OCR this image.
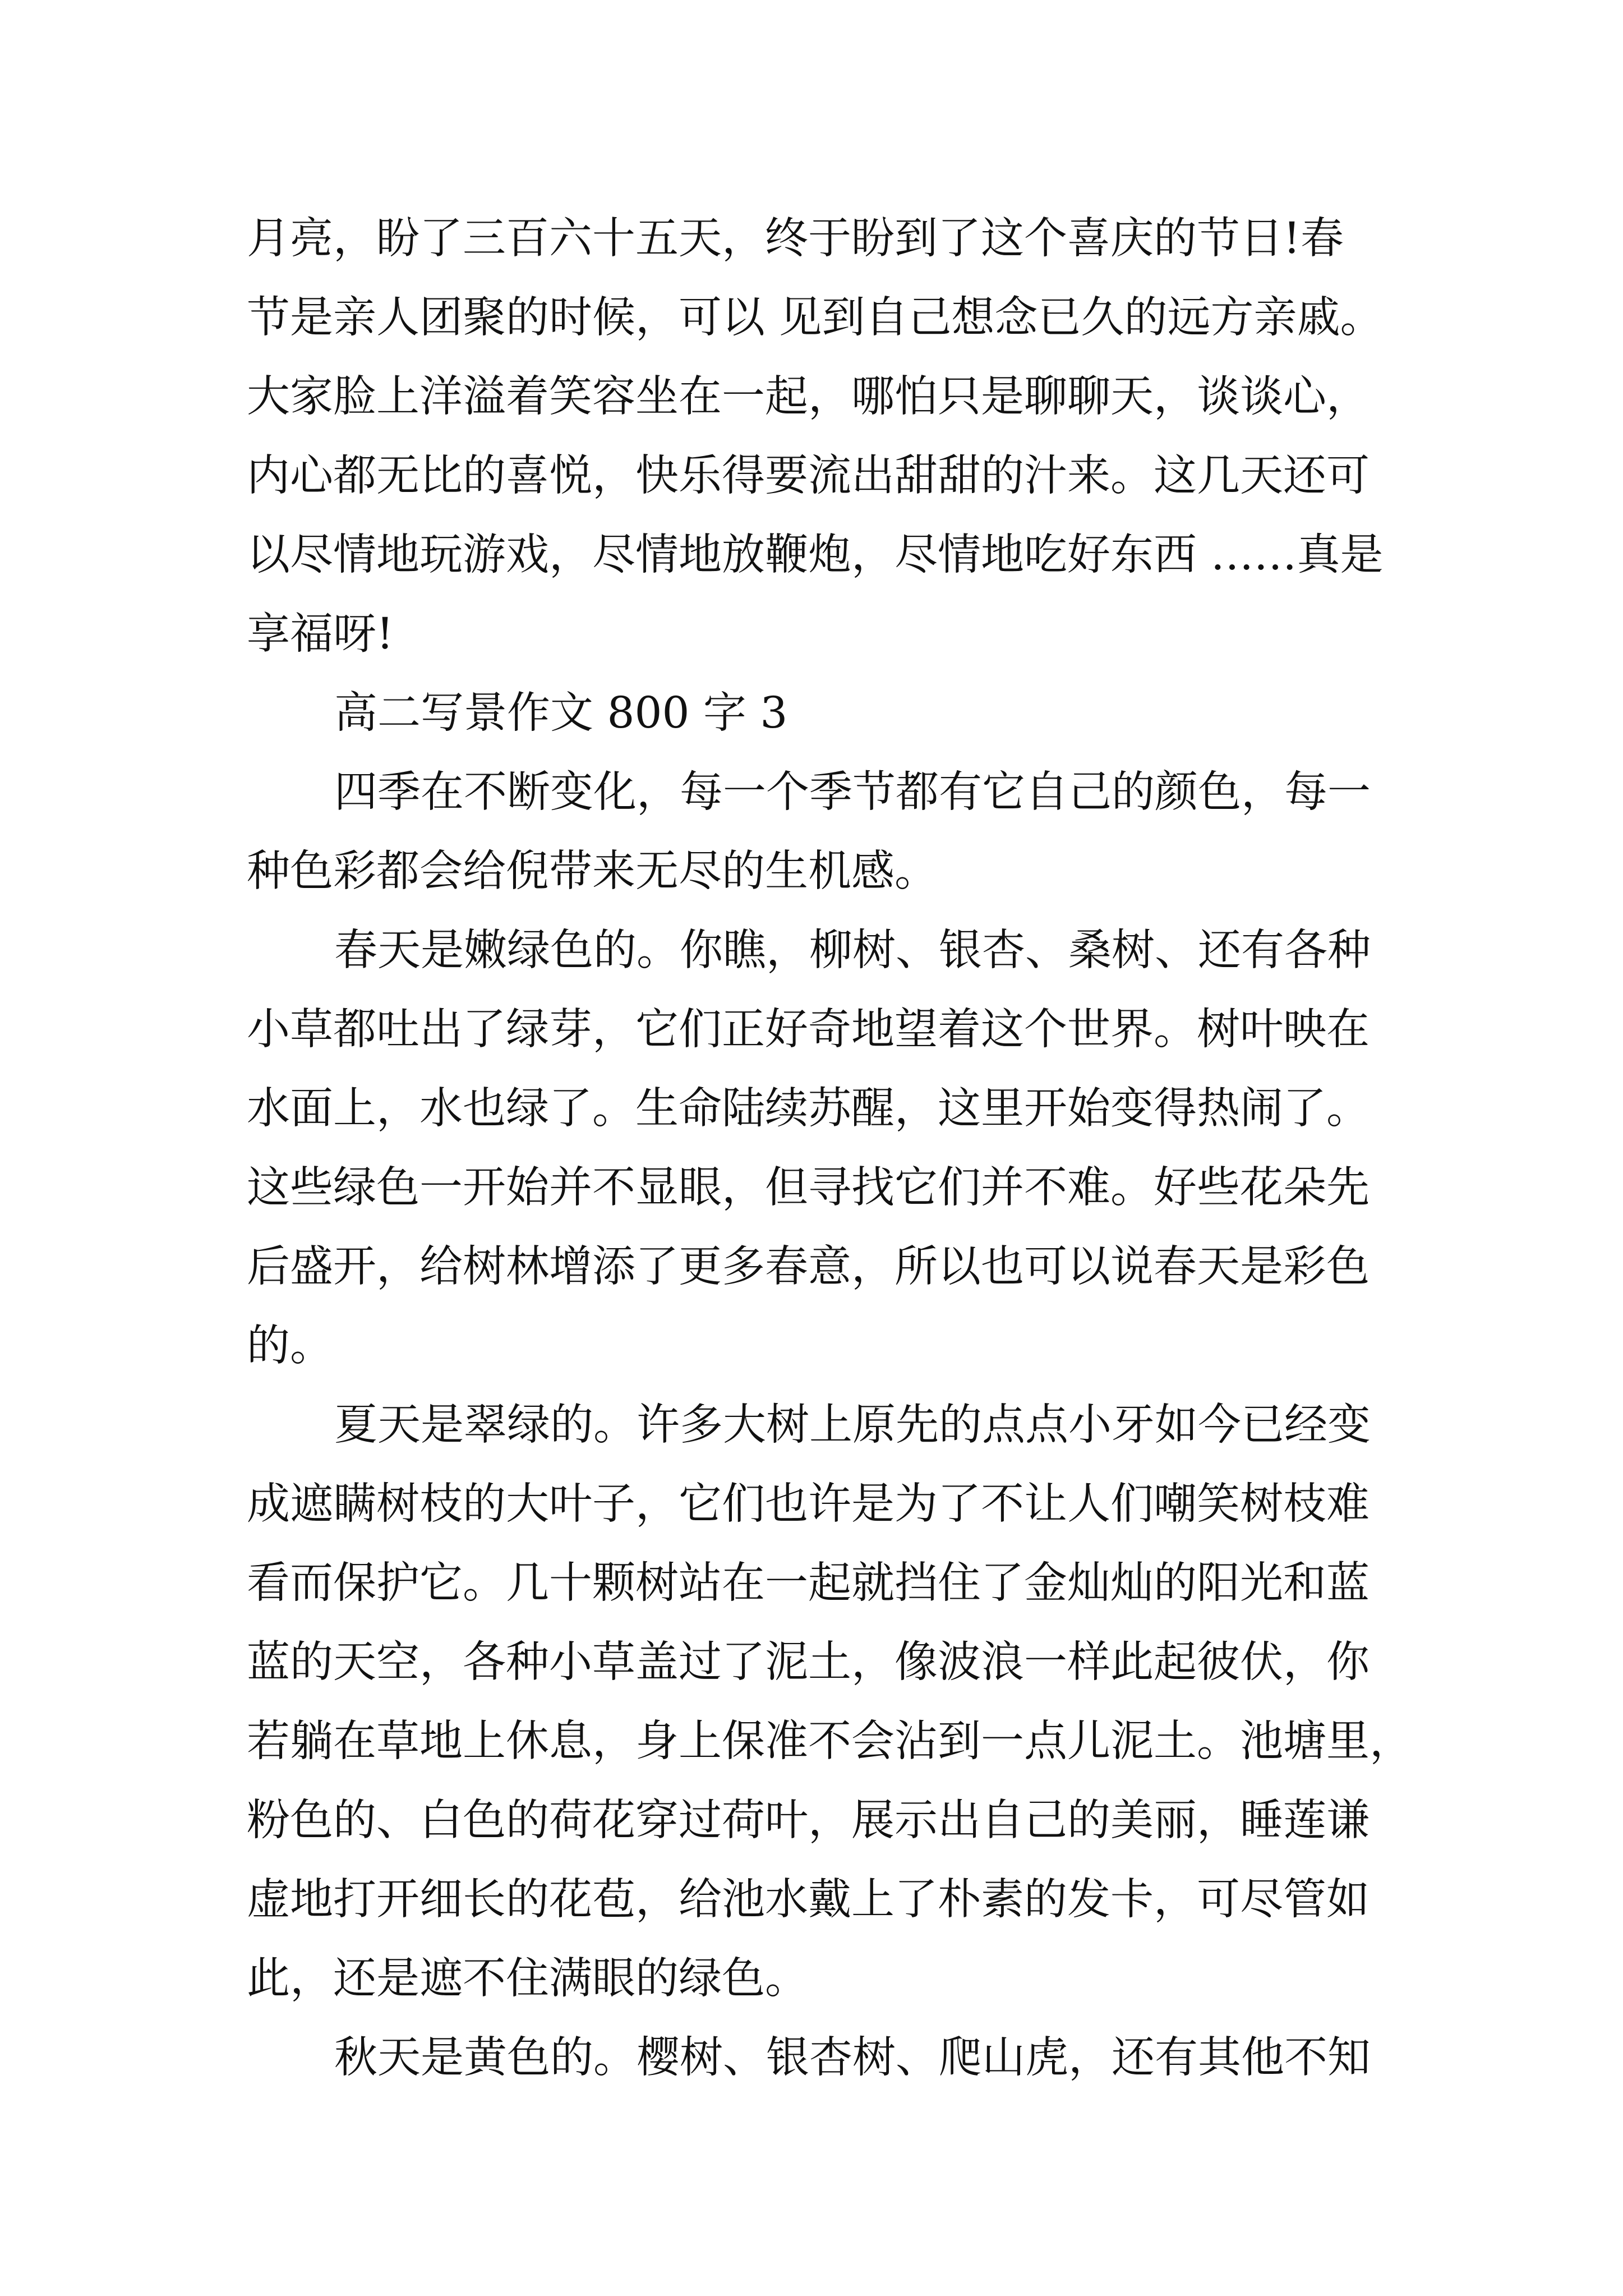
月亮，盼了三百六十五天，终于盼到了这个喜庆的节日!春
节是亲人团聚的时候，可以 见到自己想念已久的远方亲戚。
大家脸上洋溢着笑容坐在一起，哪怕只是聊聊天，谈谈心，
内心都无比的喜悦，快乐得要流出甜甜的汁来。这几天还可
以尽情地玩游戏，尽情地放鞭炮，尽情地吃好东西 ……真是
享福呀!
高二写景作文 800 字 3
四季在不断变化，每一个季节都有它自己的颜色，每一
种色彩都会给倪带来无尽的生机感。
春天是嫩绿色的。你瞧，柳树、银杏、桑树、还有各种
小草都吐出了绿芽，它们正好奇地望着这个世界。树叶映在
水面上，水也绿了。生命陆续苏醒，这里开始变得热闹了。
这些绿色一开始并不显眼，但寻找它们并不难。好些花朵先
后盛开，给树林增添了更多春意，所以也可以说春天是彩色
的。
夏天是翠绿的。许多大树上原先的点点小牙如今已经变
成遮瞒树枝的大叶子，它们也许是为了不让人们嘲笑树枝难
看而保护它。几十颗树站在一起就挡住了金灿灿的阳光和蓝
蓝的天空，各种小草盖过了泥土，像波浪一样此起彼伏，你
若躺在草地上休息，身上保准不会沾到一点儿泥土。池塘里，
粉色的、白色的荷花穿过荷叶，展示出自己的美丽，睡莲谦
虚地打开细长的花苞，给池水戴上了朴素的发卡，可尽管如
此，还是遮不住满眼的绿色。
秋天是黄色的。樱树、银杏树、爬山虎，还有其他不知
